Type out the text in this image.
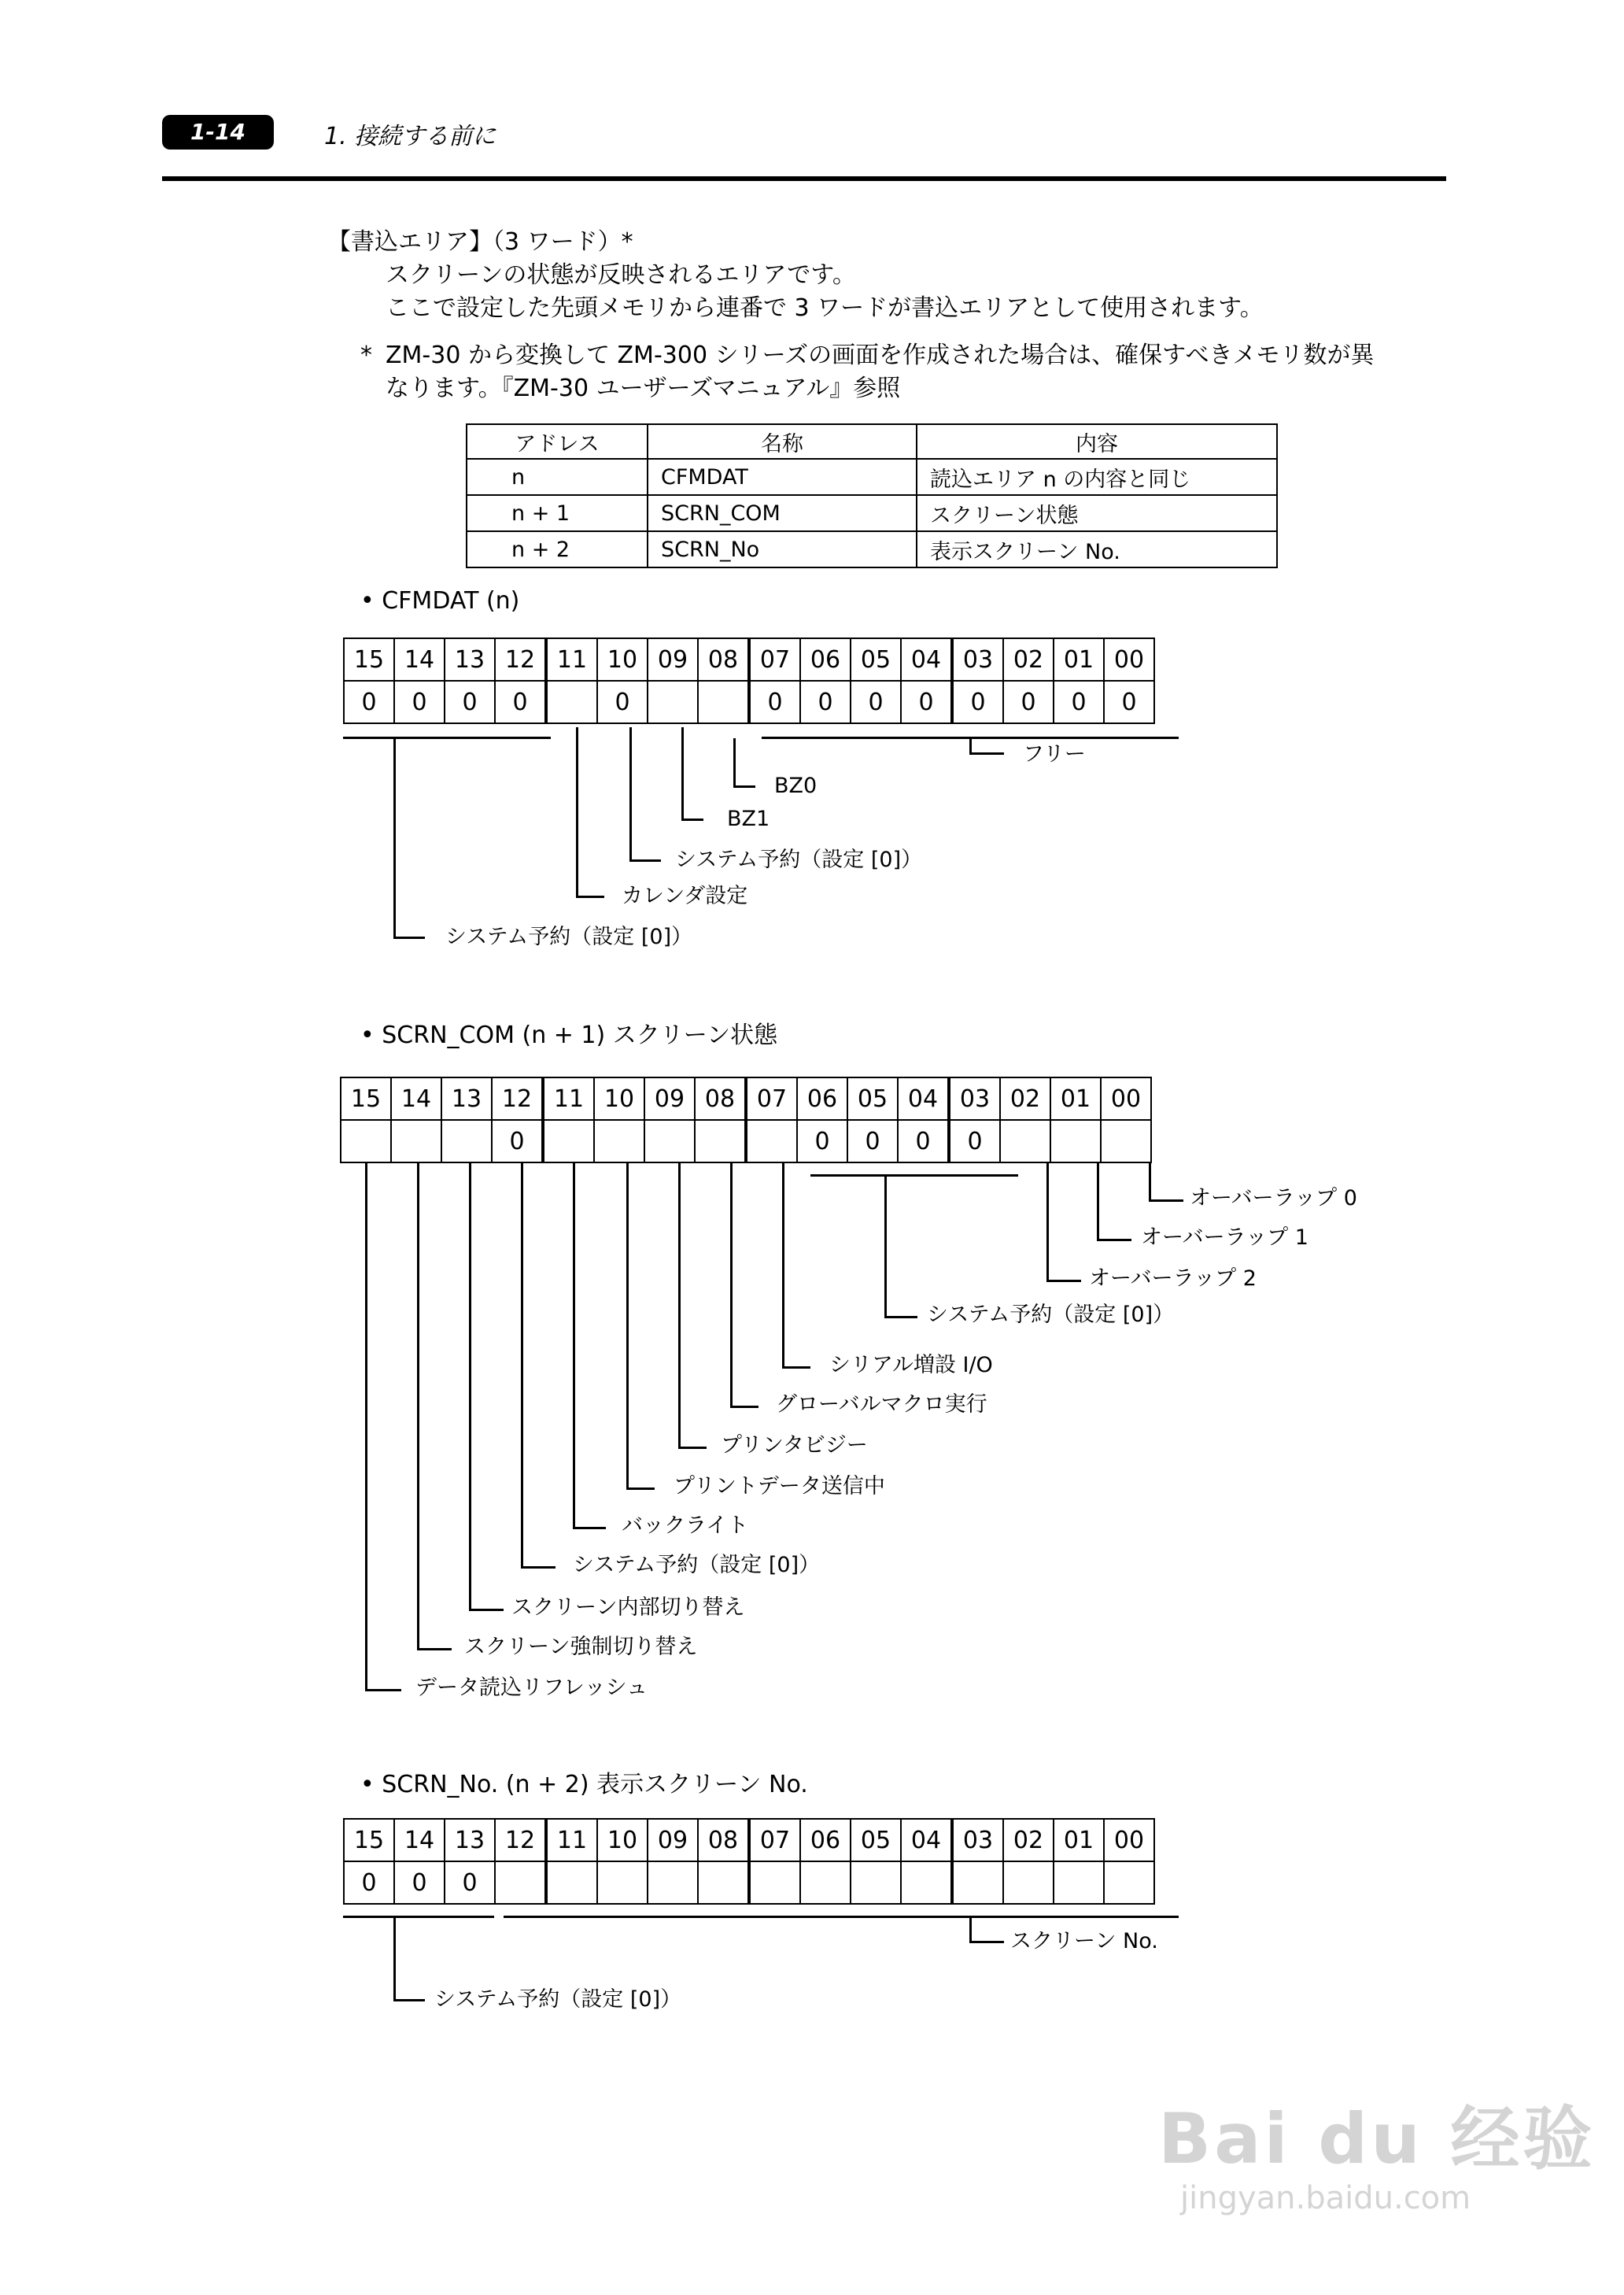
1-14	1. 接続する前に
【書込エリア】（3 ワード）*
スクリーンの状態が反映されるエリアです。
ここで設定した先頭メモリから連番で 3 ワードが書込エリアとして使用されます。
* ZM-30 から変換して ZM-300 シリーズの画面を作成された場合は、確保すべきメモリ数が異
なります。『ZM-30 ユーザーズマニュアル』参照
アドレス	名称	内容
n	CFMDAT	読込エリア n の内容と同じ
n + 1	SCRN_COM	スクリーン状態
n + 2	SCRN_No	表示スクリーン No.
• CFMDAT (n)
15	14	13	12	11	10	09	08	07	06	05	04	03	02	01	00
0	0	0	0		0			0	0	0	0	0	0	0	0
フリー
BZ0
BZ1
システム予約（設定 [0]）
カレンダ設定
システム予約（設定 [0]）
• SCRN_COM (n + 1) スクリーン状態
15	14	13	12	11	10	09	08	07	06	05	04	03	02	01	00
			0						0	0	0	0			
オーバーラップ 0
オーバーラップ 1
オーバーラップ 2
システム予約（設定 [0]）
シリアル増設 I/O
グローバルマクロ実行
プリンタビジー
プリントデータ送信中
バックライト
システム予約（設定 [0]）
スクリーン内部切り替え
スクリーン強制切り替え
データ読込リフレッシュ
• SCRN_No. (n + 2) 表示スクリーン No.
15	14	13	12	11	10	09	08	07	06	05	04	03	02	01	00
0	0	0													
スクリーン No.
システム予約（設定 [0]）
Bai du 经验
jingyan.baidu.com
